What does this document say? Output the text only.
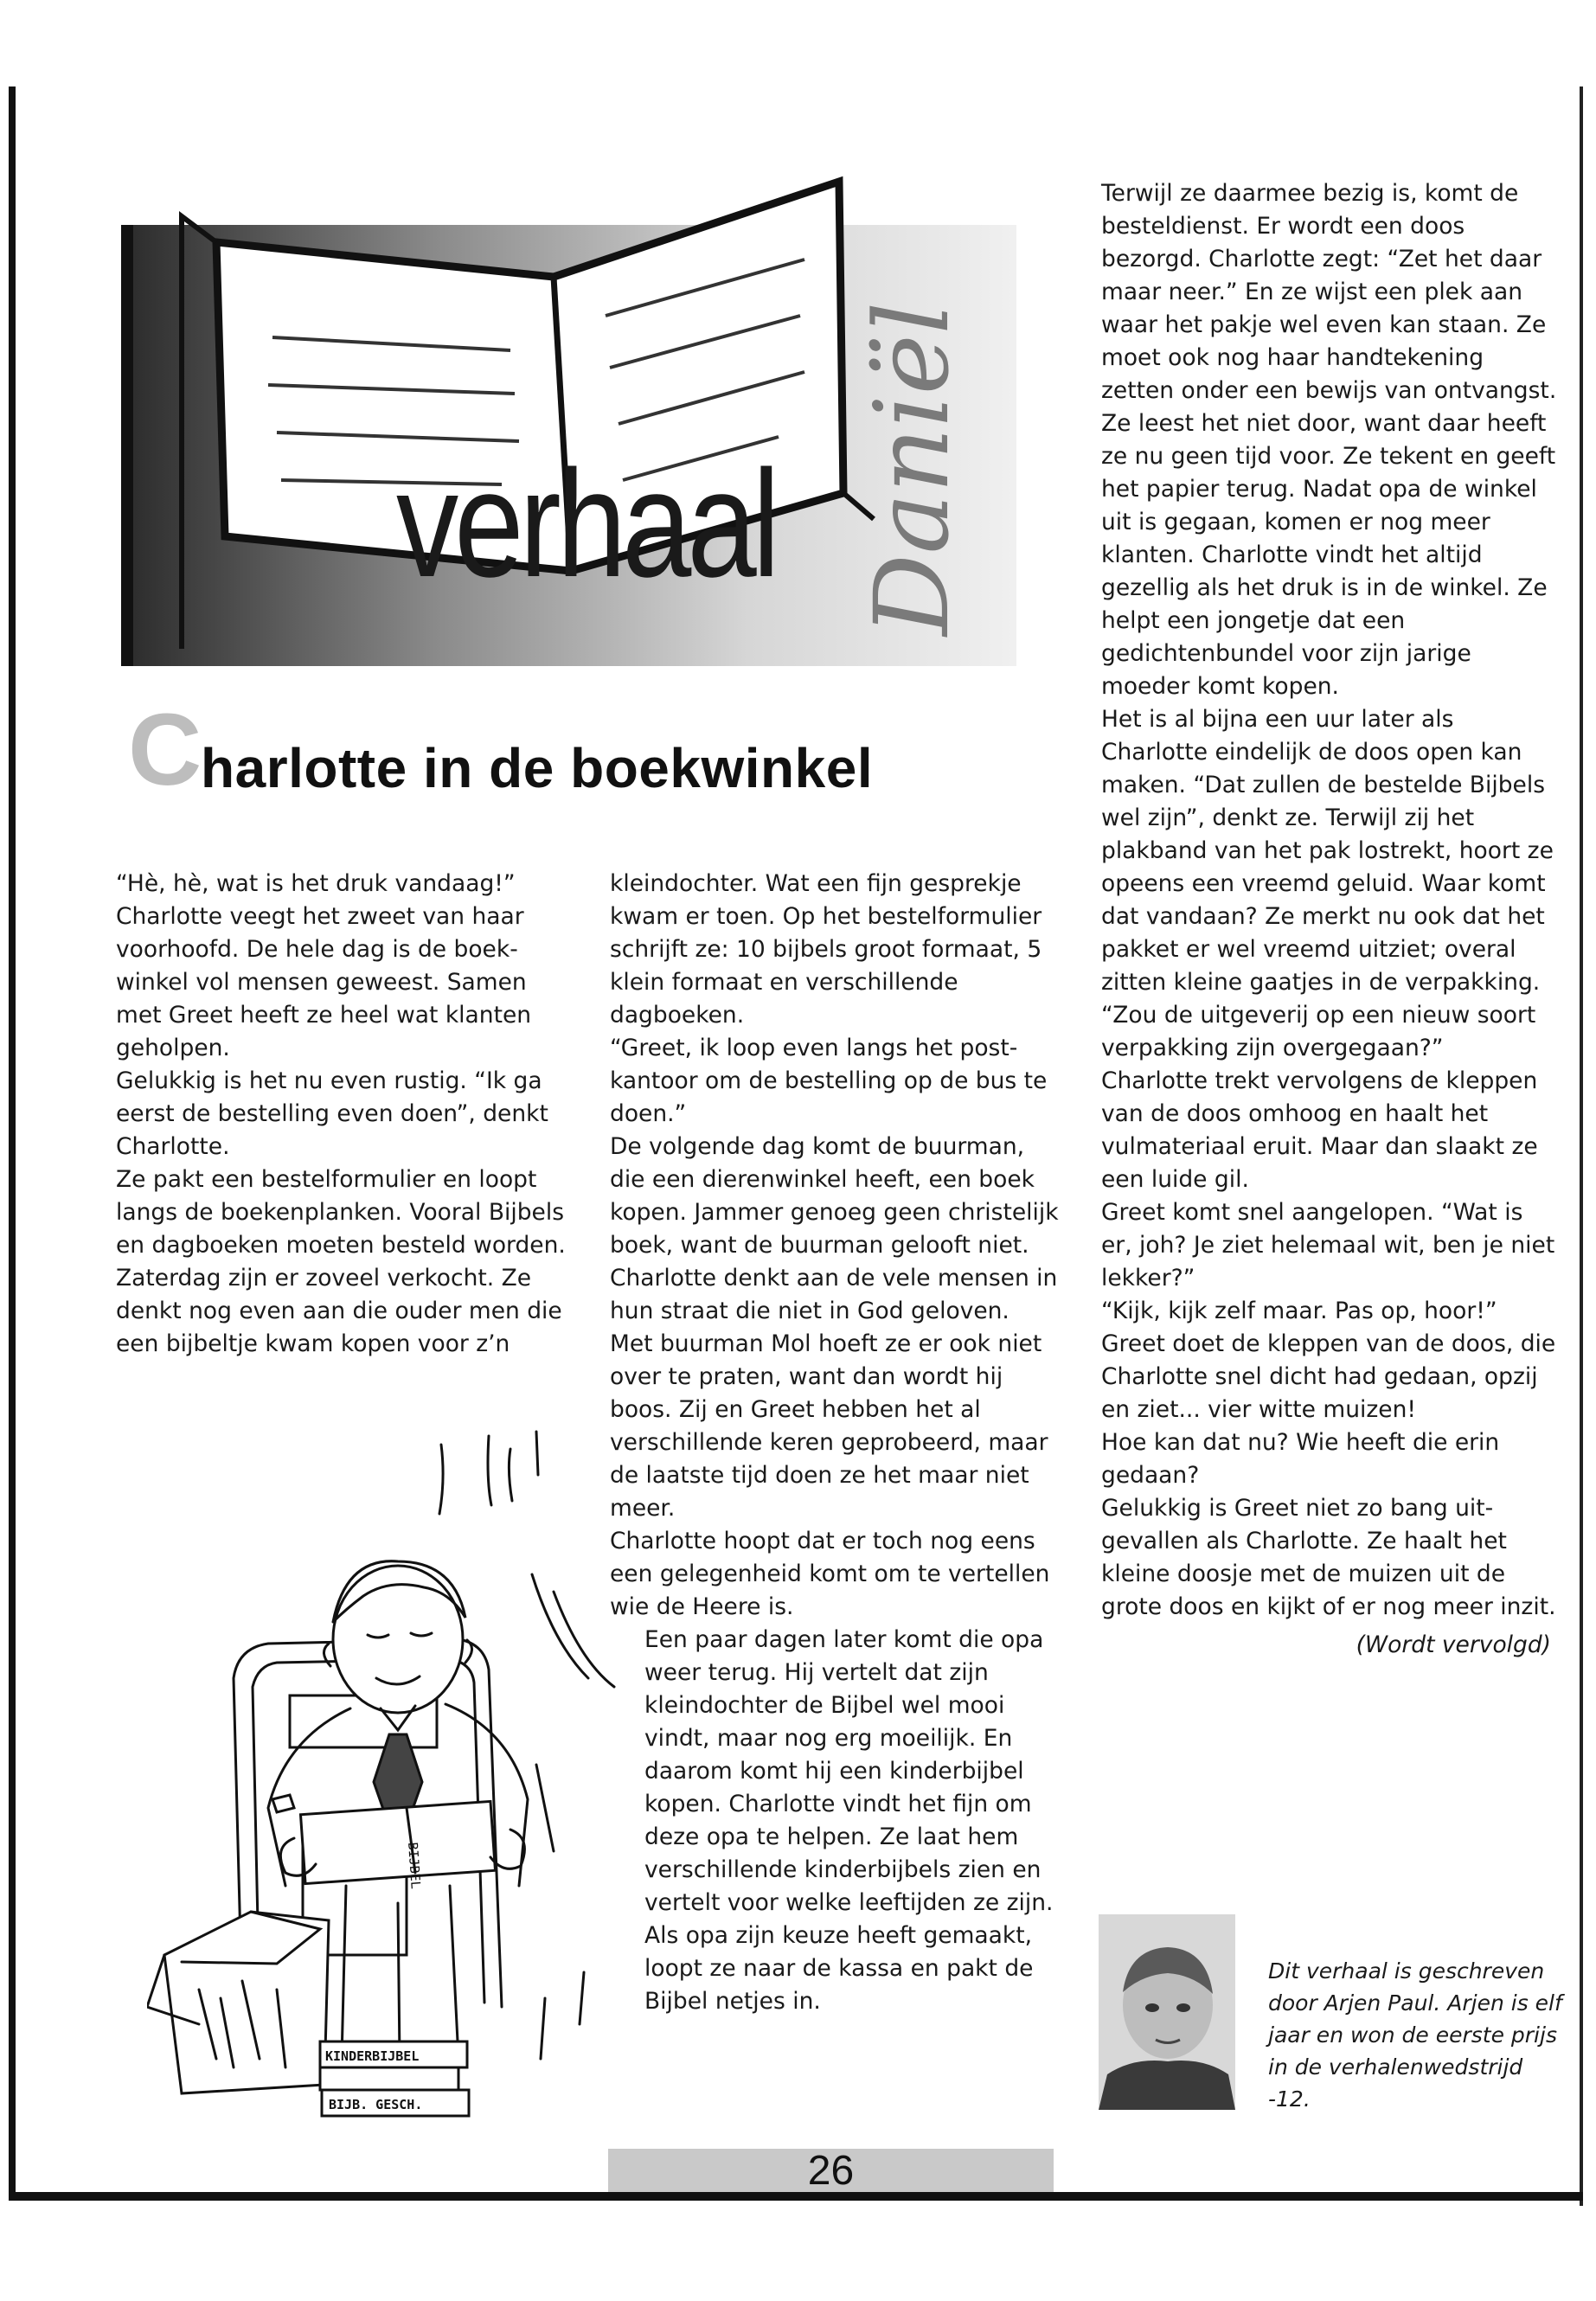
verhaal Daniël
C
harlotte in de boekwinkel

“Hè, hè, wat is het druk vandaag!” Charlotte veegt het zweet van haar voorhoofd. De hele dag is de boekwinkel vol mensen geweest. Samen met Greet heeft ze heel wat klanten geholpen.

Gelukkig is het nu even rustig. “Ik ga eerst de bestelling even doen”, denkt Charlotte.

Ze pakt een bestelformulier en loopt langs de boekenplanken. Vooral Bijbels en dagboeken moeten besteld worden. Zaterdag zijn er zoveel verkocht. Ze denkt nog even aan die ouder men die een bijbeltje kwam kopen voor z’n

kleindochter. Wat een fijn gesprekje kwam er toen. Op het bestelformulier schrijft ze: 10 bijbels groot formaat, 5 klein formaat en verschillende dagboeken.

“Greet, ik loop even langs het postkantoor om de bestelling op de bus te doen.”

De volgende dag komt de buurman, die een dierenwinkel heeft, een boek kopen. Jammer genoeg geen christelijk boek, want de buurman gelooft niet. Charlotte denkt aan de vele mensen in hun straat die niet in God geloven.

Met buurman Mol hoeft ze er ook niet over te praten, want dan wordt hij boos. Zij en Greet hebben het al verschillende keren geprobeerd, maar de laatste tijd doen ze het maar niet meer.

Charlotte hoopt dat er toch nog eens een gelegenheid komt om te vertellen wie de Heere is.

Een paar dagen later komt die opa weer terug. Hij vertelt dat zijn kleindochter de Bijbel wel mooi vindt, maar nog erg moeilijk. En daarom komt hij een kinderbijbel kopen. Charlotte vindt het fijn om deze opa te helpen. Ze laat hem verschillende kinderbijbels zien en vertelt voor welke leeftijden ze zijn. Als opa zijn keuze heeft gemaakt, loopt ze naar de kassa en pakt de Bijbel netjes in.

Terwijl ze daarmee bezig is, komt de besteldienst. Er wordt een doos bezorgd. Charlotte zegt: “Zet het daar maar neer.” En ze wijst een plek aan waar het pakje wel even kan staan. Ze moet ook nog haar handtekening zetten onder een bewijs van ontvangst.

Ze leest het niet door, want daar heeft ze nu geen tijd voor. Ze tekent en geeft het papier terug. Nadat opa de winkel uit is gegaan, komen er nog meer klanten. Charlotte vindt het altijd gezellig als het druk is in de winkel. Ze helpt een jongetje dat een gedichtenbundel voor zijn jarige moeder komt kopen.

Het is al bijna een uur later als Charlotte eindelijk de doos open kan maken. “Dat zullen de bestelde Bijbels wel zijn”, denkt ze. Terwijl zij het plakband van het pak lostrekt, hoort ze opeens een vreemd geluid. Waar komt dat vandaan? Ze merkt nu ook dat het pakket er wel vreemd uitziet; overal zitten kleine gaatjes in de verpakking. “Zou de uitgeverij op een nieuw soort verpakking zijn overgegaan?”

Charlotte trekt vervolgens de kleppen van de doos omhoog en haalt het vulmateriaal eruit. Maar dan slaakt ze een luide gil.

Greet komt snel aangelopen. “Wat is er, joh? Je ziet helemaal wit, ben je niet lekker?”

“Kijk, kijk zelf maar. Pas op, hoor!” Greet doet de kleppen van de doos, die Charlotte snel dicht had gedaan, opzij en ziet... vier witte muizen!

Hoe kan dat nu? Wie heeft die erin gedaan?

Gelukkig is Greet niet zo bang uitgevallen als Charlotte. Ze haalt het kleine doosje met de muizen uit de grote doos en kijkt of er nog meer inzit.

(Wordt vervolgd)

BIJBEL
KINDERBIJBEL
BIJB. GESCH.

Dit verhaal is geschreven door Arjen Paul. Arjen is elf jaar en won de eerste prijs in de verhalenwedstrijd -12.

26
